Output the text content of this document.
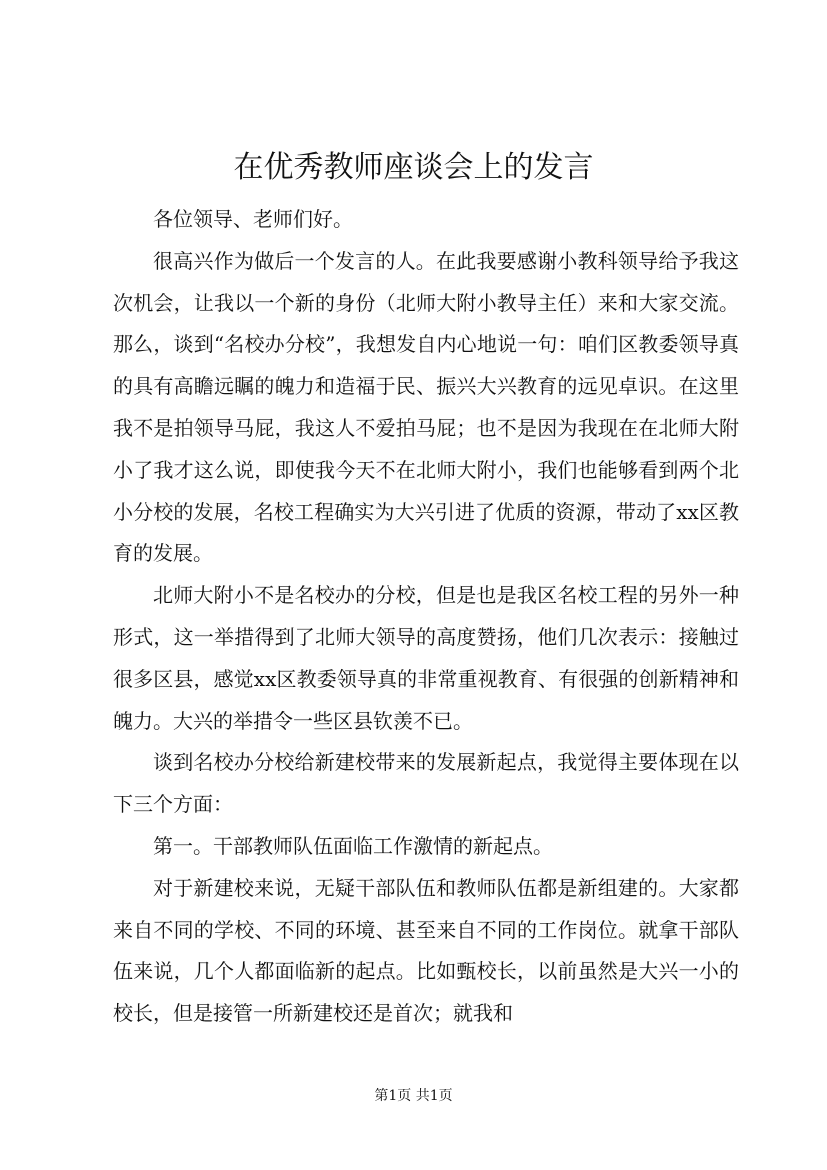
在优秀教师座谈会上的发言

各位领导、老师们好。

很高兴作为做后一个发言的人。在此我要感谢小教科领导给予我这次机会，让我以一个新的身份（北师大附小教导主任）来和大家交流。那么，谈到“名校办分校”，我想发自内心地说一句：咱们区教委领导真的具有高瞻远瞩的魄力和造福于民、振兴大兴教育的远见卓识。在这里我不是拍领导马屁，我这人不爱拍马屁；也不是因为我现在在北师大附小了我才这么说，即使我今天不在北师大附小，我们也能够看到两个北小分校的发展，名校工程确实为大兴引进了优质的资源，带动了xx区教育的发展。

北师大附小不是名校办的分校，但是也是我区名校工程的另外一种形式，这一举措得到了北师大领导的高度赞扬，他们几次表示：接触过很多区县，感觉xx区教委领导真的非常重视教育、有很强的创新精神和魄力。大兴的举措令一些区县钦羡不已。

谈到名校办分校给新建校带来的发展新起点，我觉得主要体现在以下三个方面：

第一。干部教师队伍面临工作激情的新起点。

对于新建校来说，无疑干部队伍和教师队伍都是新组建的。大家都来自不同的学校、不同的环境、甚至来自不同的工作岗位。就拿干部队伍来说，几个人都面临新的起点。比如甄校长，以前虽然是大兴一小的校长，但是接管一所新建校还是首次；就我和

第1页 共1页
